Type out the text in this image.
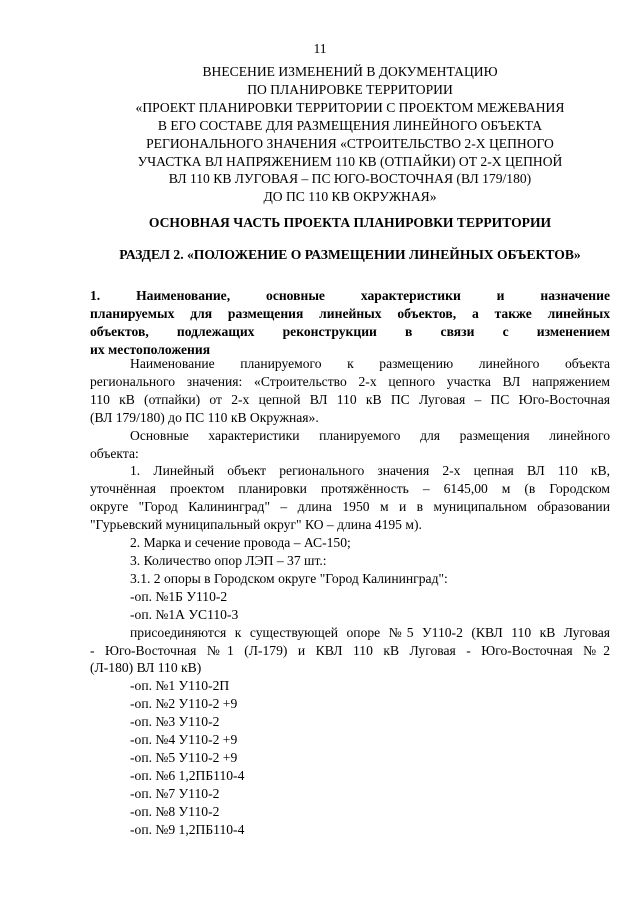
11
ВНЕСЕНИЕ ИЗМЕНЕНИЙ В ДОКУМЕНТАЦИЮ
ПО ПЛАНИРОВКЕ ТЕРРИТОРИИ
«ПРОЕКТ ПЛАНИРОВКИ ТЕРРИТОРИИ С ПРОЕКТОМ МЕЖЕВАНИЯ
В ЕГО СОСТАВЕ ДЛЯ РАЗМЕЩЕНИЯ ЛИНЕЙНОГО ОБЪЕКТА
РЕГИОНАЛЬНОГО ЗНАЧЕНИЯ «СТРОИТЕЛЬСТВО 2-Х ЦЕПНОГО
УЧАСТКА ВЛ НАПРЯЖЕНИЕМ 110 КВ (ОТПАЙКИ) ОТ 2-Х ЦЕПНОЙ
ВЛ 110 КВ ЛУГОВАЯ – ПС ЮГО-ВОСТОЧНАЯ (ВЛ 179/180)
ДО ПС 110 КВ ОКРУЖНАЯ»
ОСНОВНАЯ ЧАСТЬ ПРОЕКТА ПЛАНИРОВКИ ТЕРРИТОРИИ
РАЗДЕЛ 2. «ПОЛОЖЕНИЕ О РАЗМЕЩЕНИИ ЛИНЕЙНЫХ ОБЪЕКТОВ»
1. Наименование, основные характеристики и назначение
планируемых для размещения линейных объектов, а также линейных
объектов, подлежащих реконструкции в связи с изменением
их местоположения
Наименование планируемого к размещению линейного объекта
регионального значения: «Строительство 2-х цепного участка ВЛ напряжением
110 кВ (отпайки) от 2-х цепной ВЛ 110 кВ ПС Луговая – ПС Юго-Восточная
(ВЛ 179/180) до ПС 110 кВ Окружная».
Основные характеристики планируемого для размещения линейного
объекта:
1. Линейный объект регионального значения 2-х цепная ВЛ 110 кВ,
уточнённая проектом планировки протяжённость – 6145,00 м (в Городском
округе "Город Калининград" – длина 1950 м и в муниципальном образовании
"Гурьевский муниципальный округ" КО – длина 4195 м).
2. Марка и сечение провода – АС-150;
3. Количество опор ЛЭП – 37 шт.:
3.1. 2 опоры в Городском округе "Город Калининград":
-оп. №1Б У110-2
-оп. №1А УС110-3
присоединяются к существующей опоре №5 У110-2 (КВЛ 110 кВ Луговая
- Юго-Восточная №1 (Л-179) и КВЛ 110 кВ Луговая - Юго-Восточная №2
(Л-180) ВЛ 110 кВ)
-оп. №1 У110-2П
-оп. №2 У110-2 +9
-оп. №3 У110-2
-оп. №4 У110-2 +9
-оп. №5 У110-2 +9
-оп. №6 1,2ПБ110-4
-оп. №7 У110-2
-оп. №8 У110-2
-оп. №9 1,2ПБ110-4
